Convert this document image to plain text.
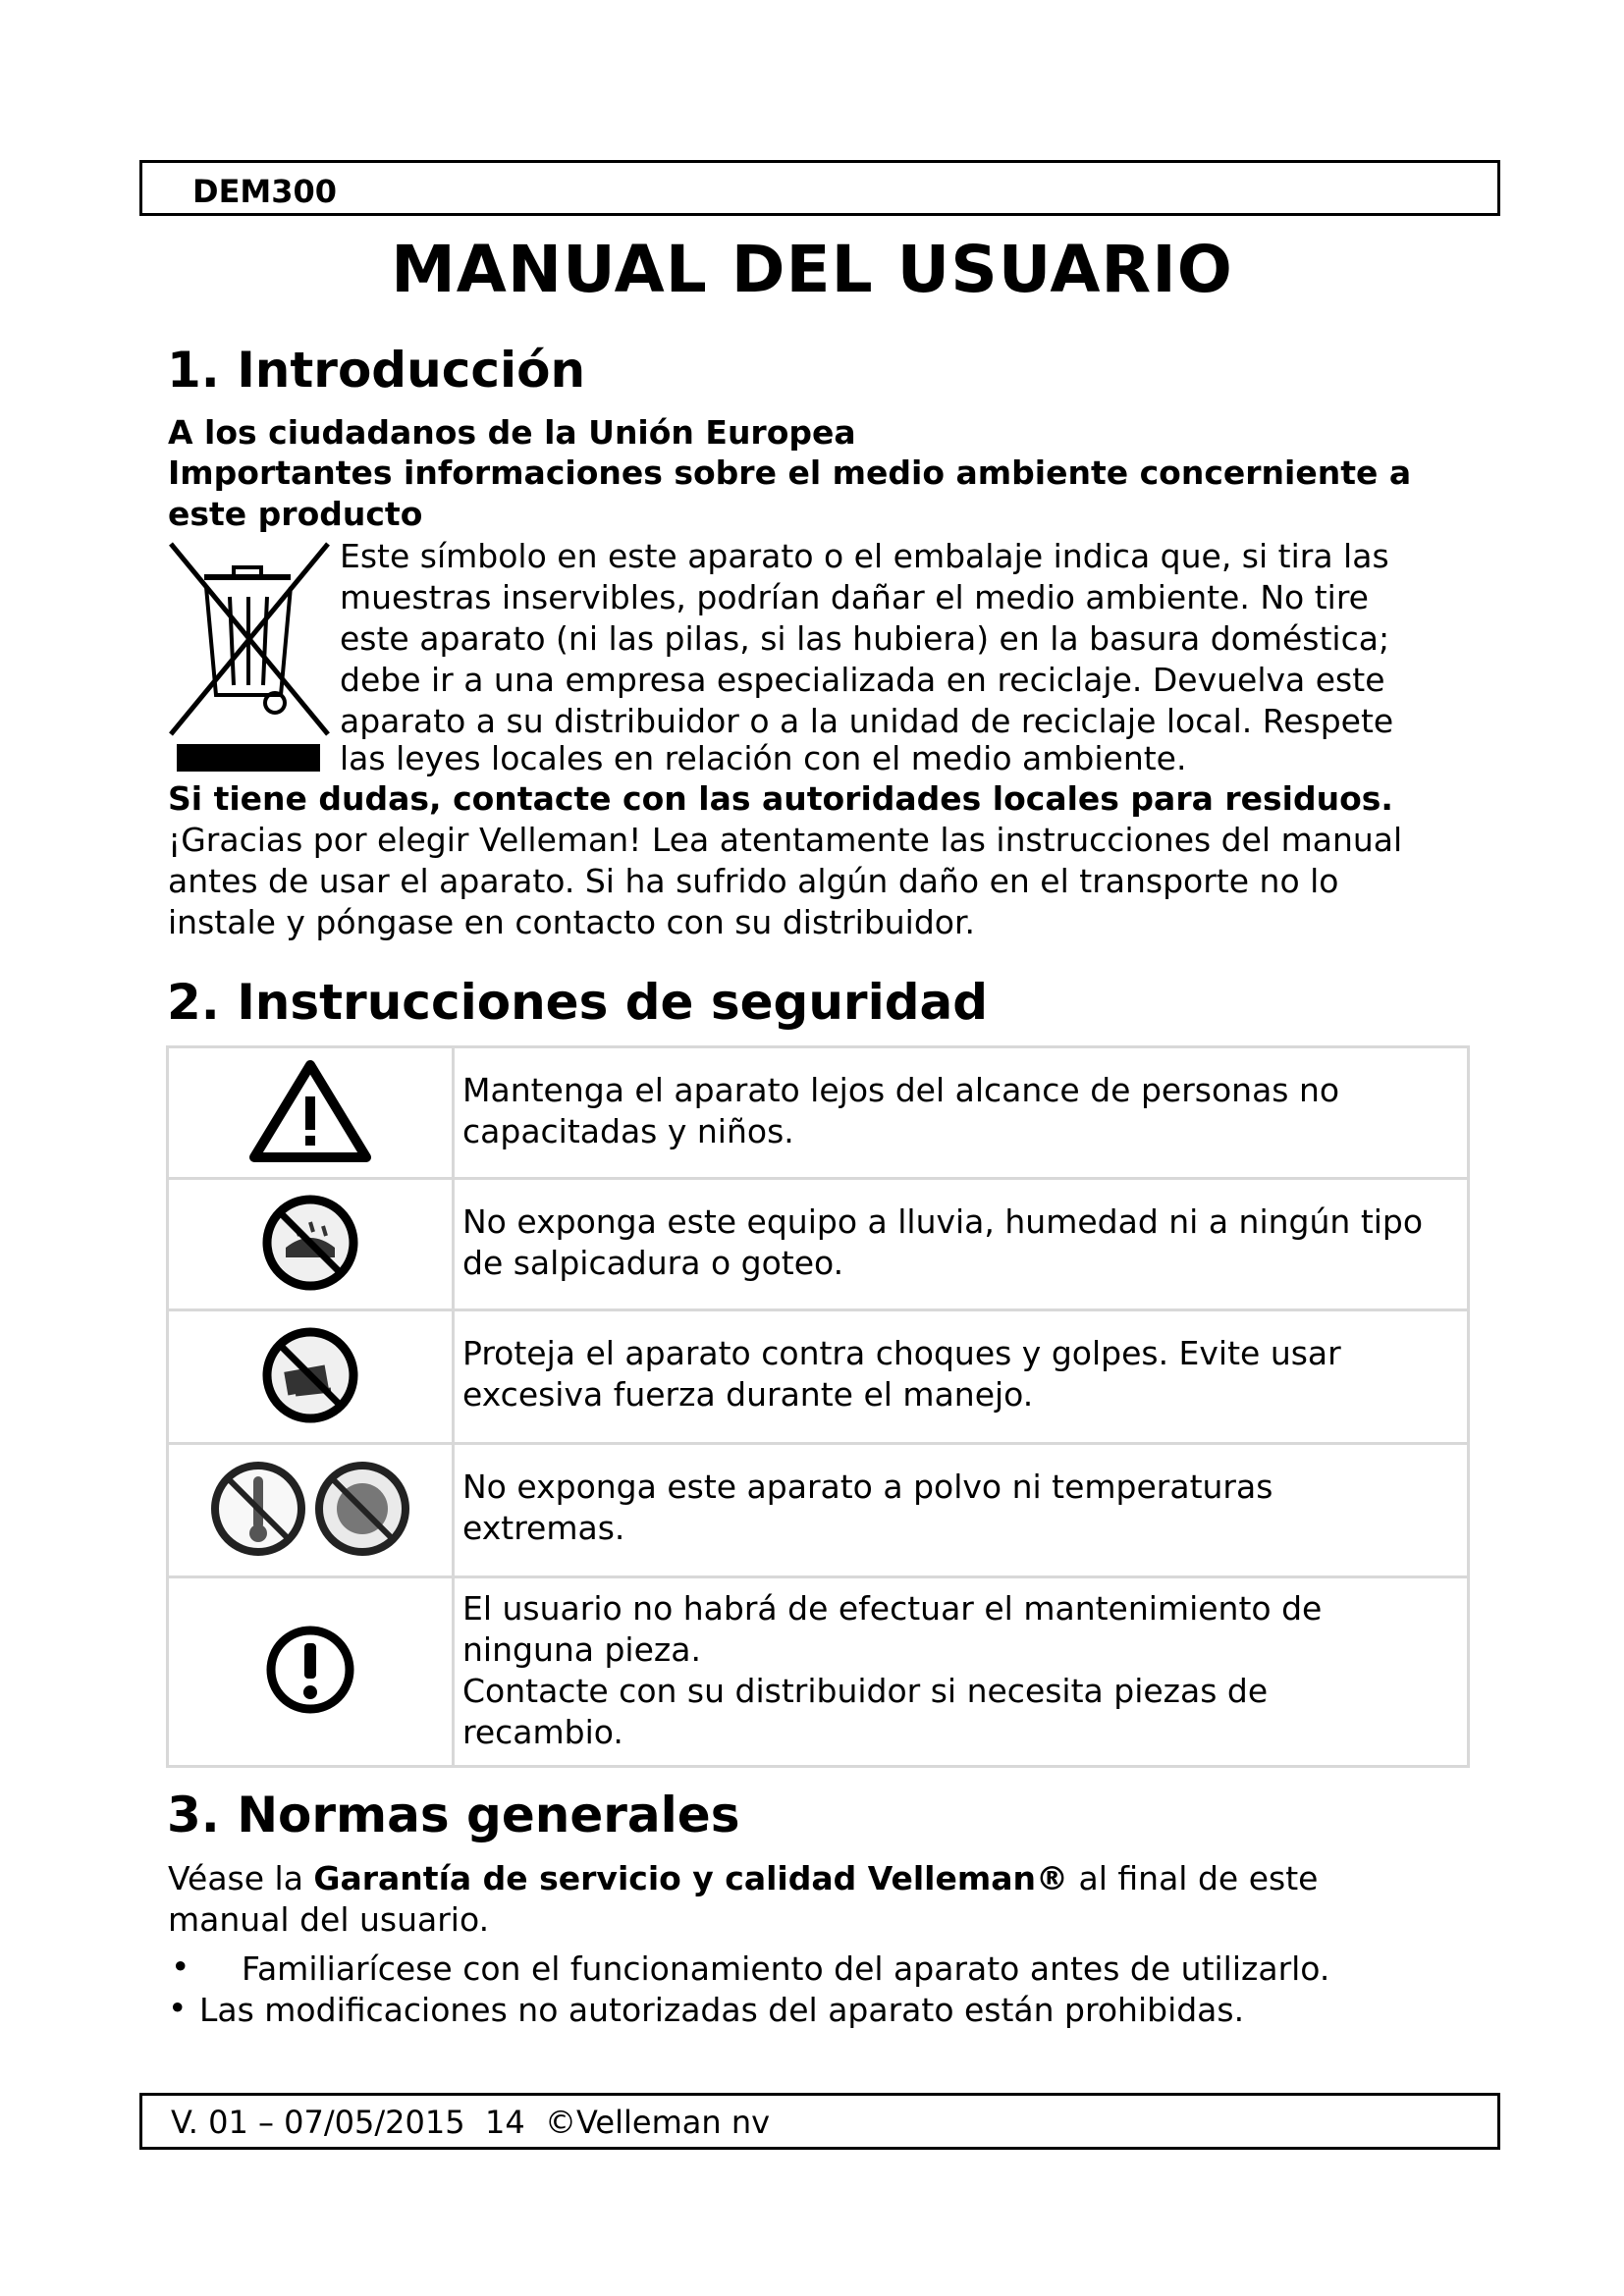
DEM300
MANUAL DEL USUARIO
1. Introducción
A los ciudadanos de la Unión Europea
Importantes informaciones sobre el medio ambiente concerniente a
este producto
Este símbolo en este aparato o el embalaje indica que, si tira las
muestras inservibles, podrían dañar el medio ambiente. No tire
este aparato (ni las pilas, si las hubiera) en la basura doméstica;
debe ir a una empresa especializada en reciclaje. Devuelva este
aparato a su distribuidor o a la unidad de reciclaje local. Respete
las leyes locales en relación con el medio ambiente.
Si tiene dudas, contacte con las autoridades locales para residuos.
¡Gracias por elegir Velleman! Lea atentamente las instrucciones del manual
antes de usar el aparato. Si ha sufrido algún daño en el transporte no lo
instale y póngase en contacto con su distribuidor.
2. Instrucciones de seguridad

Mantenga el aparato lejos del alcance de personas no
capacitadas y niños.

No exponga este equipo a lluvia, humedad ni a ningún tipo
de salpicadura o goteo.

Proteja el aparato contra choques y golpes. Evite usar
excesiva fuerza durante el manejo.

No exponga este aparato a polvo ni temperaturas
extremas.

El usuario no habrá de efectuar el mantenimiento de
ninguna pieza.
Contacte con su distribuidor si necesita piezas de
recambio.
3. Normas generales
Véase la Garantía de servicio y calidad Velleman® al final de este
manual del usuario.
• Familiarícese con el funcionamiento del aparato antes de utilizarlo.
• Las modificaciones no autorizadas del aparato están prohibidas.
V. 01 – 07/05/2015  14  ©Velleman nv
